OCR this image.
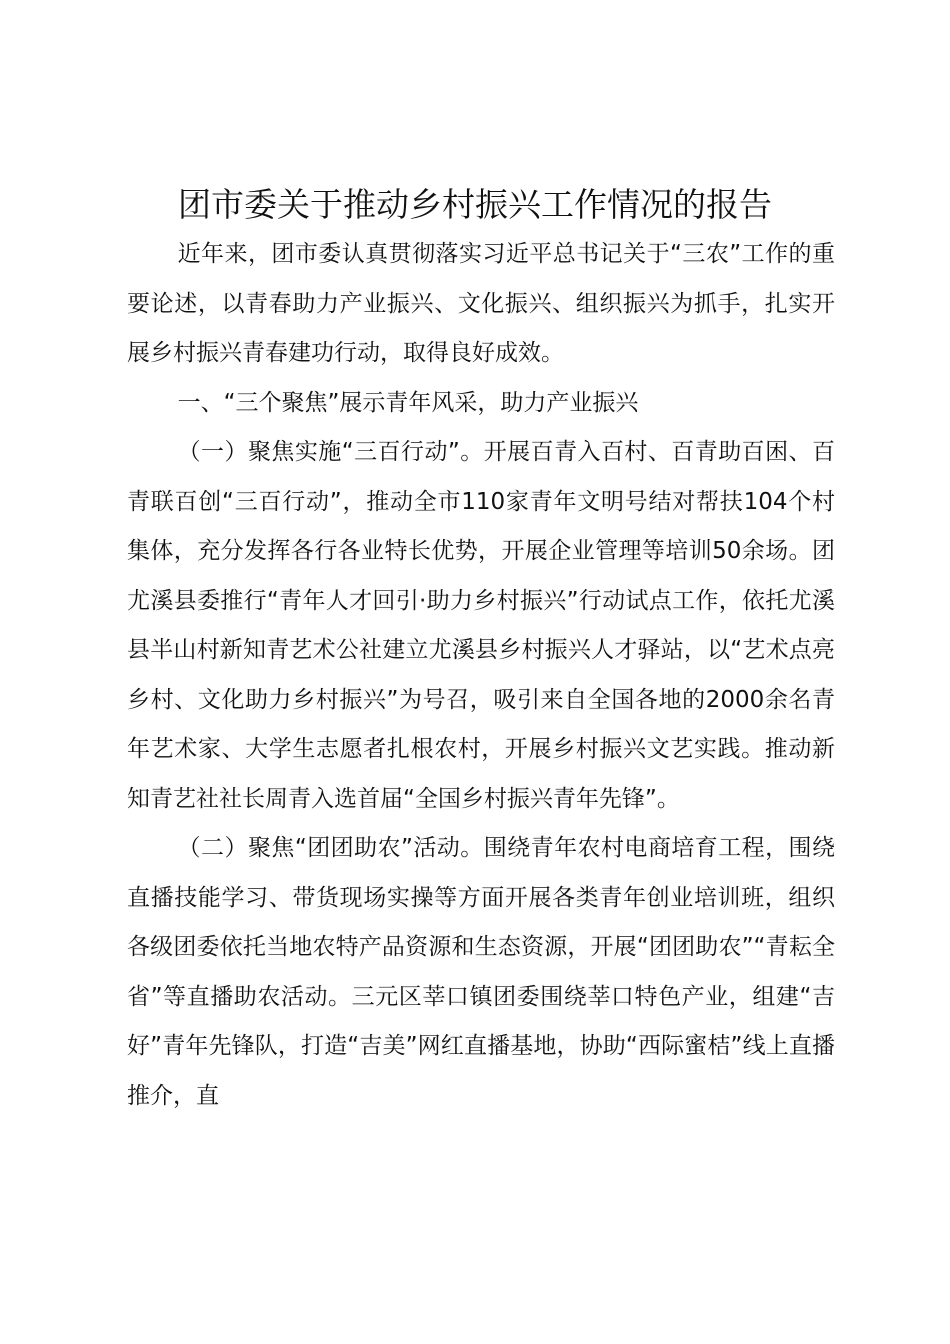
团市委关于推动乡村振兴工作情况的报告

近年来，团市委认真贯彻落实习近平总书记关于“三农”工作的重要论述，以青春助力产业振兴、文化振兴、组织振兴为抓手，扎实开展乡村振兴青春建功行动，取得良好成效。

一、“三个聚焦”展示青年风采，助力产业振兴

（一）聚焦实施“三百行动”。开展百青入百村、百青助百困、百青联百创“三百行动”，推动全市110家青年文明号结对帮扶104个村集体，充分发挥各行各业特长优势，开展企业管理等培训50余场。团尤溪县委推行“青年人才回引·助力乡村振兴”行动试点工作，依托尤溪县半山村新知青艺术公社建立尤溪县乡村振兴人才驿站，以“艺术点亮乡村、文化助力乡村振兴”为号召，吸引来自全国各地的2000余名青年艺术家、大学生志愿者扎根农村，开展乡村振兴文艺实践。推动新知青艺社社长周青入选首届“全国乡村振兴青年先锋”。

（二）聚焦“团团助农”活动。围绕青年农村电商培育工程，围绕直播技能学习、带货现场实操等方面开展各类青年创业培训班，组织各级团委依托当地农特产品资源和生态资源，开展“团团助农”“青耘全省”等直播助农活动。三元区莘口镇团委围绕莘口特色产业，组建“吉好”青年先锋队，打造“吉美”网红直播基地，协助“西际蜜桔”线上直播推介，直
